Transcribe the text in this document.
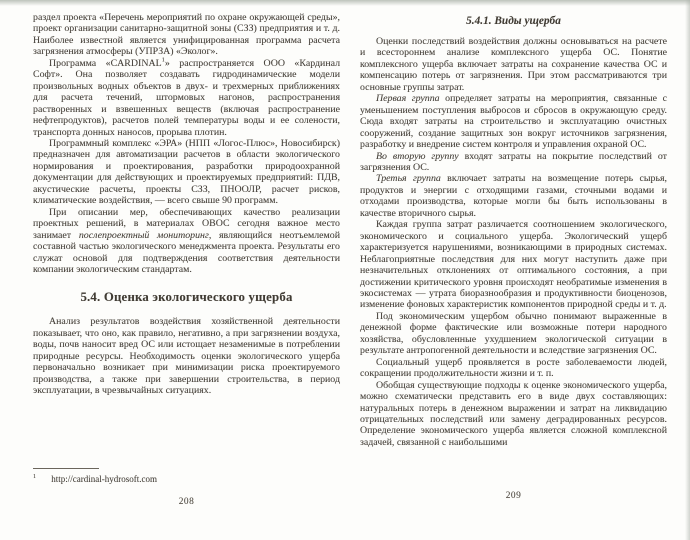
раздел проекта «Перечень мероприятий по охране окружающей среды», проект организации санитарно-защитной зоны (СЗЗ) предприятия и т. д. Наиболее известной является унифицированная программа расчета загрязнения атмосферы (УПРЗА) «Эколог».

Программа «CARDINAL$^1$» распространяется ООО «Кардинал Софт». Она позволяет создавать гидродинамические модели произвольных водных объектов в двух- и трехмерных приближениях для расчета течений, штормовых нагонов, распространения растворенных и взвешенных веществ (включая распространение нефтепродуктов), расчетов полей температуры воды и ее солености, транспорта донных наносов, прорыва плотин.

Программный комплекс «ЭРА» (НПП «Логос-Плюс», Новосибирск) предназначен для автоматизации расчетов в области экологического нормирования и проектирования, разработки природоохранной документации для действующих и проектируемых предприятий: ПДВ, акустические расчеты, проекты СЗЗ, ПНООЛР, расчет рисков, климатические воздействия, — всего свыше 90 программ.

При описании мер, обеспечивающих качество реализации проектных решений, в материалах ОВОС сегодня важное место занимает послепроектный мониторинг, являющийся неотъемлемой составной частью экологического менеджмента проекта. Результаты его служат основой для подтверждения соответствия деятельности компании экологическим стандартам.

5.4. Оценка экологического ущерба

Анализ результатов воздействия хозяйственной деятельности показывает, что оно, как правило, негативно, а при загрязнении воздуха, воды, почв наносит вред ОС или истощает незаменимые в потреблении природные ресурсы. Необходимость оценки экологического ущерба первоначально возникает при минимизации риска проектируемого производства, а также при завершении строительства, в период эксплуатации, в чрезвычайных ситуациях.

$^1$ http://cardinal-hydrosoft.com
208
5.4.1. Виды ущерба

Оценки последствий воздействия должны основываться на расчете и всестороннем анализе комплексного ущерба ОС. Понятие комплексного ущерба включает затраты на сохранение качества ОС и компенсацию потерь от загрязнения. При этом рассматриваются три основные группы затрат.

Первая группа определяет затраты на мероприятия, связанные с уменьшением поступления выбросов и сбросов в окружающую среду. Сюда входят затраты на строительство и эксплуатацию очистных сооружений, создание защитных зон вокруг источников загрязнения, разработку и внедрение систем контроля и управления охраной ОС.

Во вторую группу входят затраты на покрытие последствий от загрязнения ОС.

Третья группа включает затраты на возмещение потерь сырья, продуктов и энергии с отходящими газами, сточными водами и отходами производства, которые могли бы быть использованы в качестве вторичного сырья.

Каждая группа затрат различается соотношением экологического, экономического и социального ущерба. Экологический ущерб характеризуется нарушениями, возникающими в природных системах. Неблагоприятные последствия для них могут наступить даже при незначительных отклонениях от оптимального состояния, а при достижении критического уровня происходят необратимые изменения в экосистемах — утрата биоразнообразия и продуктивности биоценозов, изменение фоновых характеристик компонентов природной среды и т. д.

Под экономическим ущербом обычно понимают выраженные в денежной форме фактические или возможные потери народного хозяйства, обусловленные ухудшением экологической ситуации в результате антропогенной деятельности и вследствие загрязнения ОС.

Социальный ущерб проявляется в росте заболеваемости людей, сокращении продолжительности жизни и т. п.

Обобщая существующие подходы к оценке экономического ущерба, можно схематически представить его в виде двух составляющих: натуральных потерь в денежном выражении и затрат на ликвидацию отрицательных последствий или замену деградированных ресурсов. Определение экономического ущерба является сложной комплексной задачей, связанной с наибольшими

209
